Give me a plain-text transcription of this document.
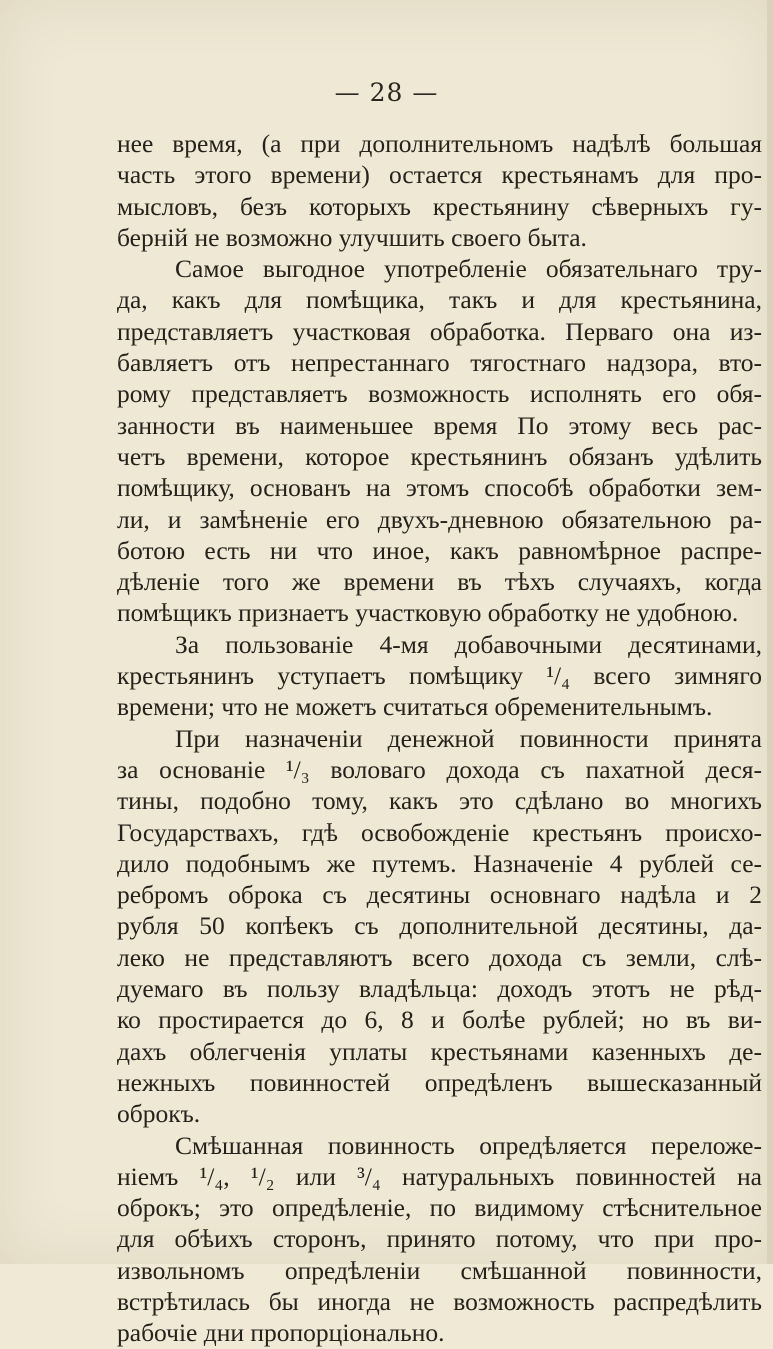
— 28 —
нее время, (а при дополнительномъ надѣлѣ большая
часть этого времени) остается крестьянамъ для про-
мысловъ, безъ которыхъ крестьянину сѣверныхъ гу-
берній не возможно улучшить своего быта.
Самое выгодное употребленіе обязательнаго тру-
да, какъ для помѣщика, такъ и для крестьянина,
представляетъ участковая обработка. Перваго она из-
бавляетъ отъ непрестаннаго тягостнаго надзора, вто-
рому представляетъ возможность исполнять его обя-
занности въ наименьшее время По этому весь рас-
четъ времени, которое крестьянинъ обязанъ удѣлить
помѣщику, основанъ на этомъ способѣ обработки зем-
ли, и замѣненіе его двухъ-дневною обязательною ра-
ботою есть ни что иное, какъ равномѣрное распре-
дѣленіе того же времени въ тѣхъ случаяхъ, когда
помѣщикъ признаетъ участковую обработку не удобною.
За пользованіе 4-мя добавочными десятинами,
крестьянинъ уступаетъ помѣщику ¹/₄ всего зимняго
времени; что не можетъ считаться обременительнымъ.
При назначеніи денежной повинности принята
за основаніе ¹/₃ воловаго дохода съ пахатной деся-
тины, подобно тому, какъ это сдѣлано во многихъ
Государствахъ, гдѣ освобожденіе крестьянъ происхо-
дило подобнымъ же путемъ. Назначеніе 4 рублей се-
ребромъ оброка съ десятины основнаго надѣла и 2
рубля 50 копѣекъ съ дополнительной десятины, да-
леко не представляютъ всего дохода съ земли, слѣ-
дуемаго въ пользу владѣльца: доходъ этотъ не рѣд-
ко простирается до 6, 8 и болѣе рублей; но въ ви-
дахъ облегченія уплаты крестьянами казенныхъ де-
нежныхъ повинностей опредѣленъ вышесказанный
оброкъ.
Смѣшанная повинность опредѣляется переложе-
ніемъ ¹/₄, ¹/₂ или ³/₄ натуральныхъ повинностей на
оброкъ; это опредѣленіе, по видимому стѣснительное
для обѣихъ сторонъ, принято потому, что при про-
извольномъ опредѣленіи смѣшанной повинности,
встрѣтилась бы иногда не возможность распредѣлить
рабочіе дни пропорціонально.
